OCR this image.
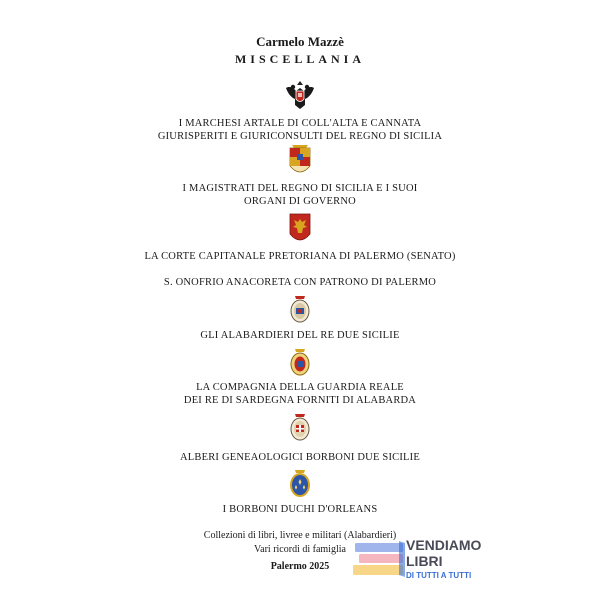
Carmelo Mazzè
MISCELLANIA
I MARCHESI ARTALE DI COLL'ALTA E CANNATA
GIURISPERITI E GIURICONSULTI DEL REGNO DI SICILIA
I MAGISTRATI DEL REGNO DI SICILIA E I SUOI
ORGANI DI GOVERNO
LA CORTE CAPITANALE PRETORIANA DI PALERMO (SENATO)
S. ONOFRIO ANACORETA CON PATRONO DI PALERMO
GLI ALABARDIERI DEL RE DUE SICILIE
LA COMPAGNIA DELLA GUARDIA REALE
DEI RE DI SARDEGNA FORNITI DI ALABARDA
ALBERI GENEAOLOGICI BORBONI DUE SICILIE
I BORBONI DUCHI D'ORLEANS
Collezioni di libri, livree e militari (Alabardieri)
Vari ricordi di famiglia
Palermo 2025
VENDIAMO
LIBRI
DI TUTTI A TUTTI
